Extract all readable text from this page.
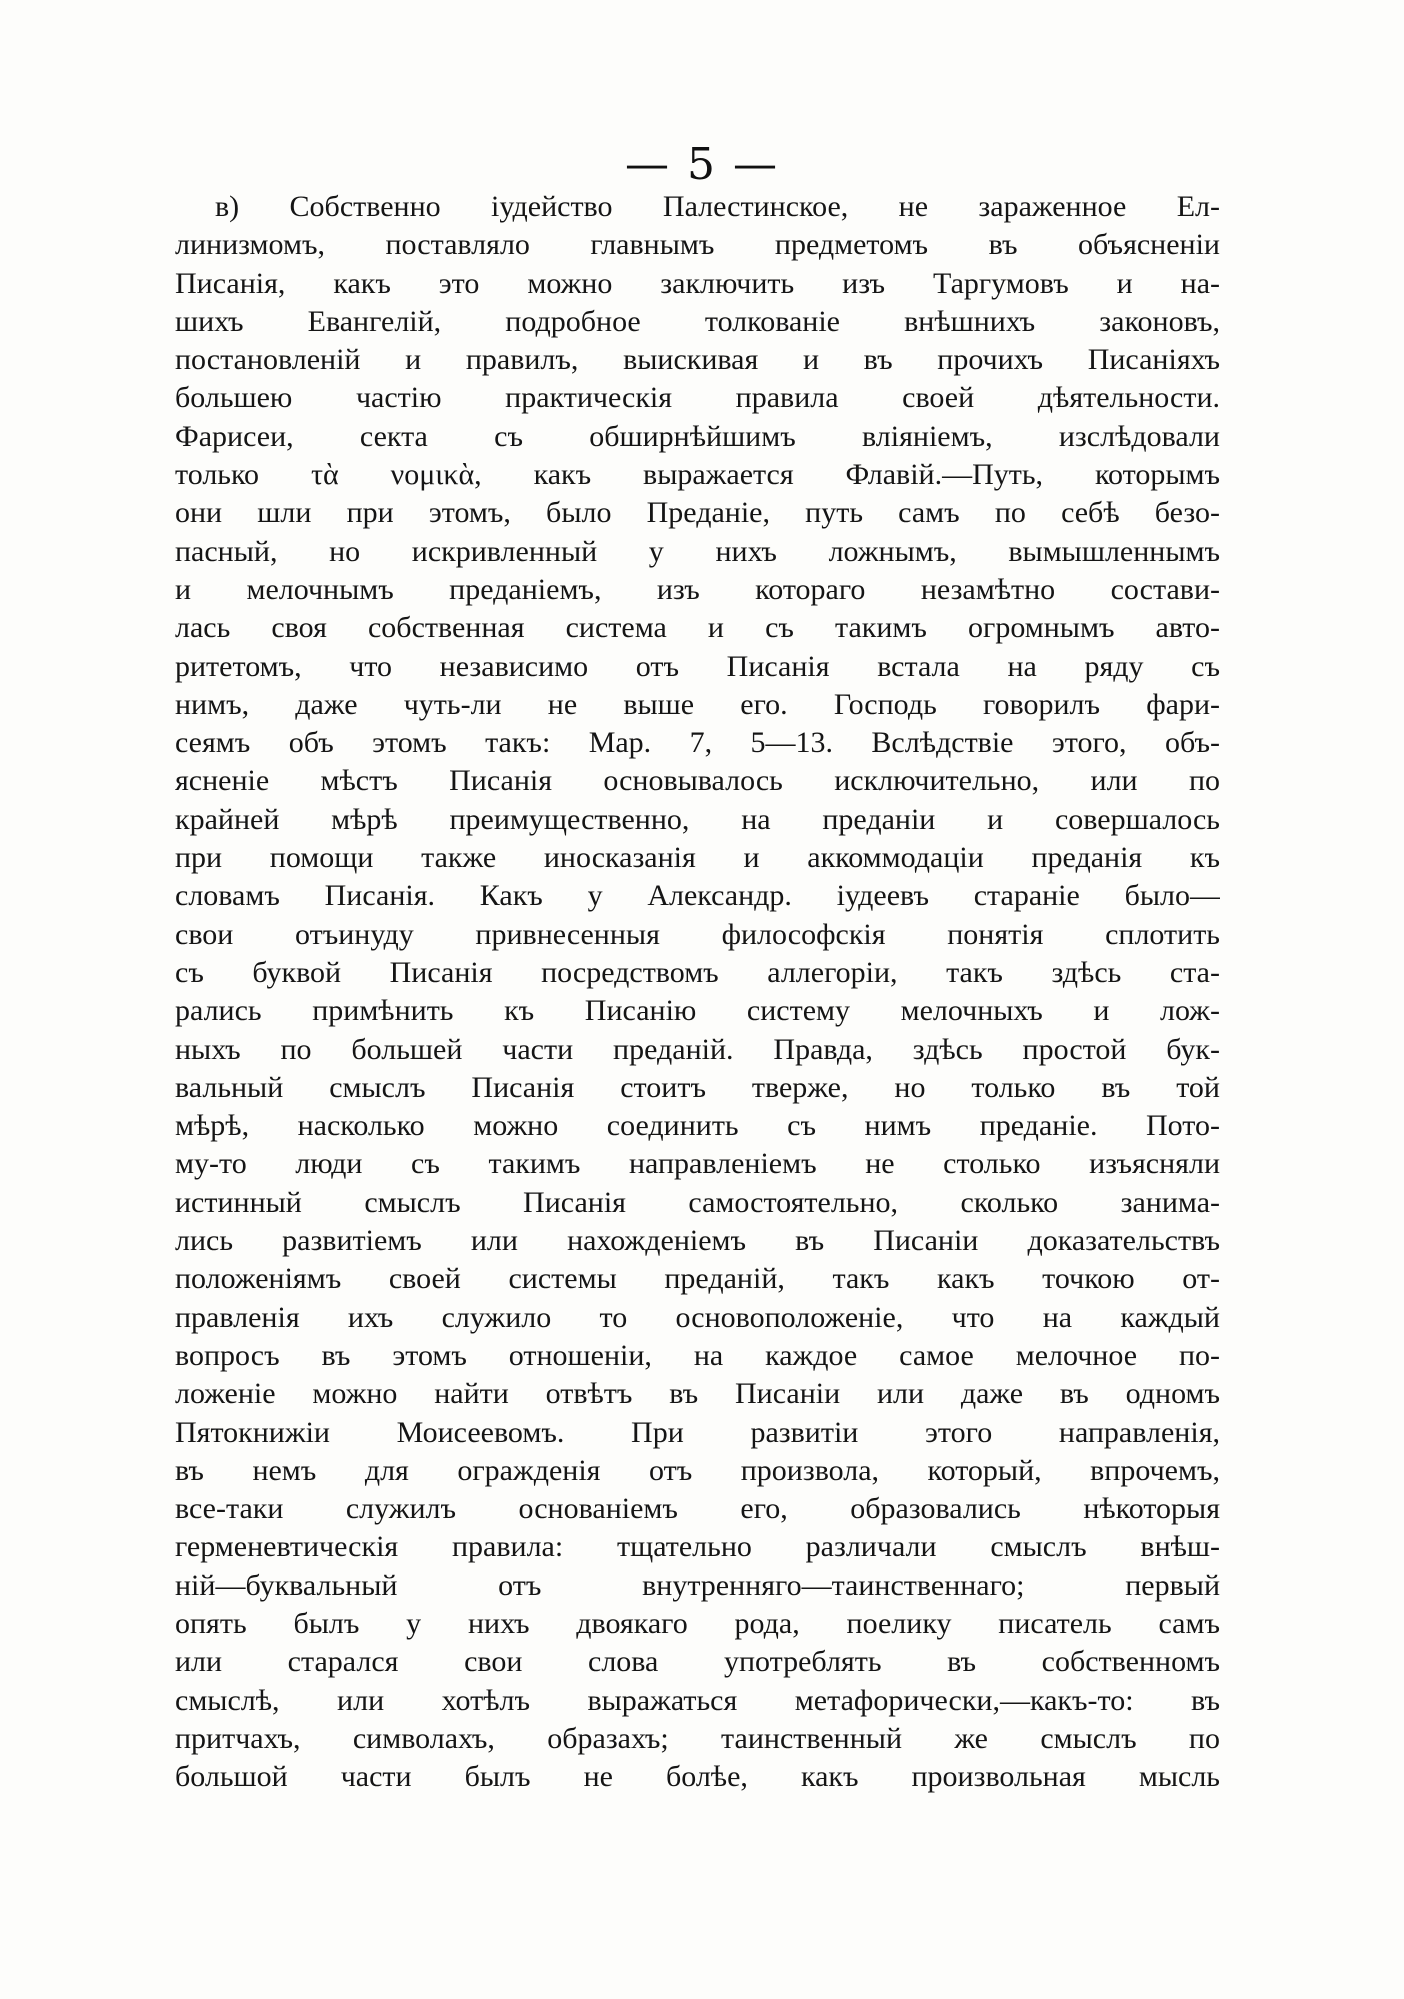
— 5 —
в) Собственно іудейство Палестинское, не зараженное Ел-
линизмомъ, поставляло главнымъ предметомъ въ объясненіи
Писанія, какъ это можно заключить изъ Таргумовъ и на-
шихъ Евангелій, подробное толкованіе внѣшнихъ законовъ,
постановленій и правилъ, выискивая и въ прочихъ Писаніяхъ
большею частію практическія правила своей дѣятельности.
Фарисеи, секта съ обширнѣйшимъ вліяніемъ, изслѣдовали
только τὰ νομικὰ, какъ выражается Флавій.—Путь, которымъ
они шли при этомъ, было Преданіе, путь самъ по себѣ безо-
пасный, но искривленный у нихъ ложнымъ, вымышленнымъ
и мелочнымъ преданіемъ, изъ котораго незамѣтно состави-
лась своя собственная система и съ такимъ огромнымъ авто-
ритетомъ, что независимо отъ Писанія встала на ряду съ
нимъ, даже чуть-ли не выше его. Господь говорилъ фари-
сеямъ объ этомъ такъ: Мар. 7, 5—13. Вслѣдствіе этого, объ-
ясненіе мѣстъ Писанія основывалось исключительно, или по
крайней мѣрѣ преимущественно, на преданіи и совершалось
при помощи также иносказанія и аккоммодаціи преданія къ
словамъ Писанія. Какъ у Александр. іудеевъ стараніе было—
свои отъинуду привнесенныя философскія понятія сплотить
съ буквой Писанія посредствомъ аллегоріи, такъ здѣсь ста-
рались примѣнить къ Писанію систему мелочныхъ и лож-
ныхъ по большей части преданій. Правда, здѣсь простой бук-
вальный смыслъ Писанія стоитъ тверже, но только въ той
мѣрѣ, насколько можно соединить съ нимъ преданіе. Пото-
му-то люди съ такимъ направленіемъ не столько изъясняли
истинный смыслъ Писанія самостоятельно, сколько занима-
лись развитіемъ или нахожденіемъ въ Писаніи доказательствъ
положеніямъ своей системы преданій, такъ какъ точкою от-
правленія ихъ служило то основоположеніе, что на каждый
вопросъ въ этомъ отношеніи, на каждое самое мелочное по-
ложеніе можно найти отвѣтъ въ Писаніи или даже въ одномъ
Пятокнижіи Моисеевомъ. При развитіи этого направленія,
въ немъ для огражденія отъ произвола, который, впрочемъ,
все-таки служилъ основаніемъ его, образовались нѣкоторыя
герменевтическія правила: тщательно различали смыслъ внѣш-
ній—буквальный отъ внутренняго—таинственнаго; первый
опять былъ у нихъ двоякаго рода, поелику писатель самъ
или старался свои слова употреблять въ собственномъ
смыслѣ, или хотѣлъ выражаться метафорически,—какъ-то: въ
притчахъ, символахъ, образахъ; таинственный же смыслъ по
большой части былъ не болѣе, какъ произвольная мысль
